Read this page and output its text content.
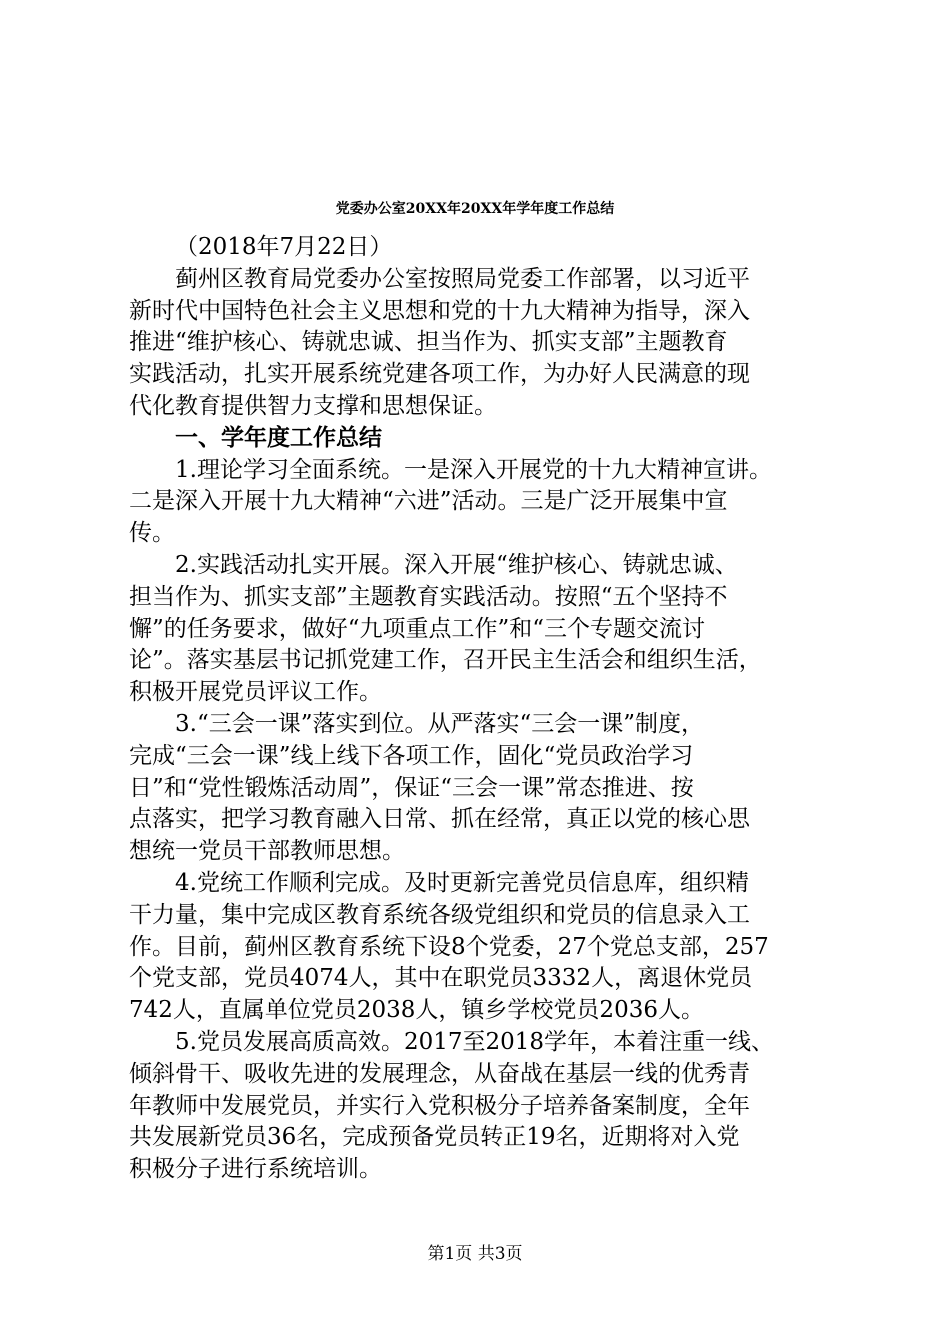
党委办公室20XX年20XX年学年度工作总结
（2018年7月22日）
蓟州区教育局党委办公室按照局党委工作部署，以习近平
新时代中国特色社会主义思想和党的十九大精神为指导，深入
推进“维护核心、铸就忠诚、担当作为、抓实支部”主题教育
实践活动，扎实开展系统党建各项工作，为办好人民满意的现
代化教育提供智力支撑和思想保证。
一、学年度工作总结
1.理论学习全面系统。一是深入开展党的十九大精神宣讲。
二是深入开展十九大精神“六进”活动。三是广泛开展集中宣
传。
2.实践活动扎实开展。深入开展“维护核心、铸就忠诚、
担当作为、抓实支部”主题教育实践活动。按照“五个坚持不
懈”的任务要求，做好“九项重点工作”和“三个专题交流讨
论”。落实基层书记抓党建工作，召开民主生活会和组织生活，
积极开展党员评议工作。
3.“三会一课”落实到位。从严落实“三会一课”制度，
完成“三会一课”线上线下各项工作，固化“党员政治学习
日”和“党性锻炼活动周”，保证“三会一课”常态推进、按
点落实，把学习教育融入日常、抓在经常，真正以党的核心思
想统一党员干部教师思想。
4.党统工作顺利完成。及时更新完善党员信息库，组织精
干力量，集中完成区教育系统各级党组织和党员的信息录入工
作。目前，蓟州区教育系统下设8个党委，27个党总支部，257
个党支部，党员4074人，其中在职党员3332人，离退休党员
742人，直属单位党员2038人，镇乡学校党员2036人。
5.党员发展高质高效。2017至2018学年，本着注重一线、
倾斜骨干、吸收先进的发展理念，从奋战在基层一线的优秀青
年教师中发展党员，并实行入党积极分子培养备案制度，全年
共发展新党员36名，完成预备党员转正19名，近期将对入党
积极分子进行系统培训。
第1页 共3页
